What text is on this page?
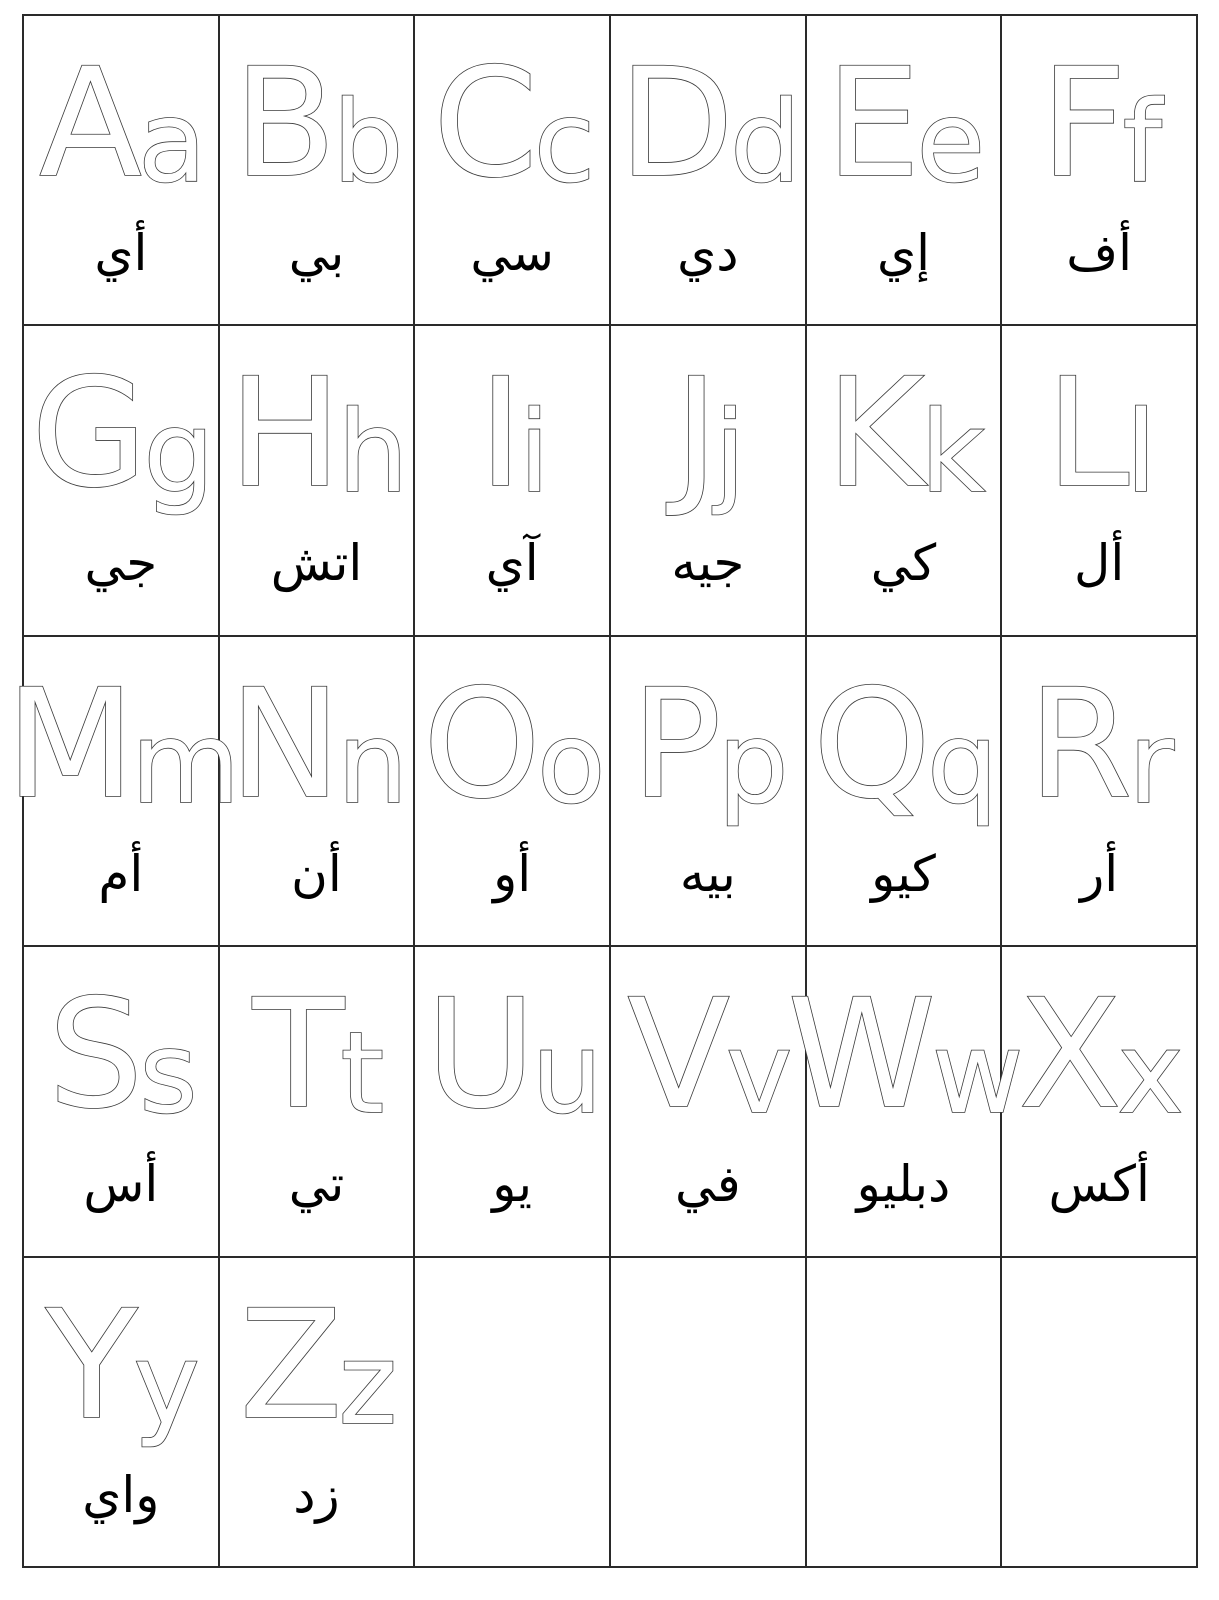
A a
أي
B b
بي
C c
سي
D d
دي
E e
إي
F f
أف
G g
جي
H h
اتش
I i
آي
J j
جيه
K k
كي
L l
أل
M m
أم
N n
أن
O o
أو
P p
بيه
Q q
كيو
R r
أر
S s
أس
T t
تي
U u
يو
V v
في
W w
دبليو
X x
أكس
Y y
واي
Z z
زد
